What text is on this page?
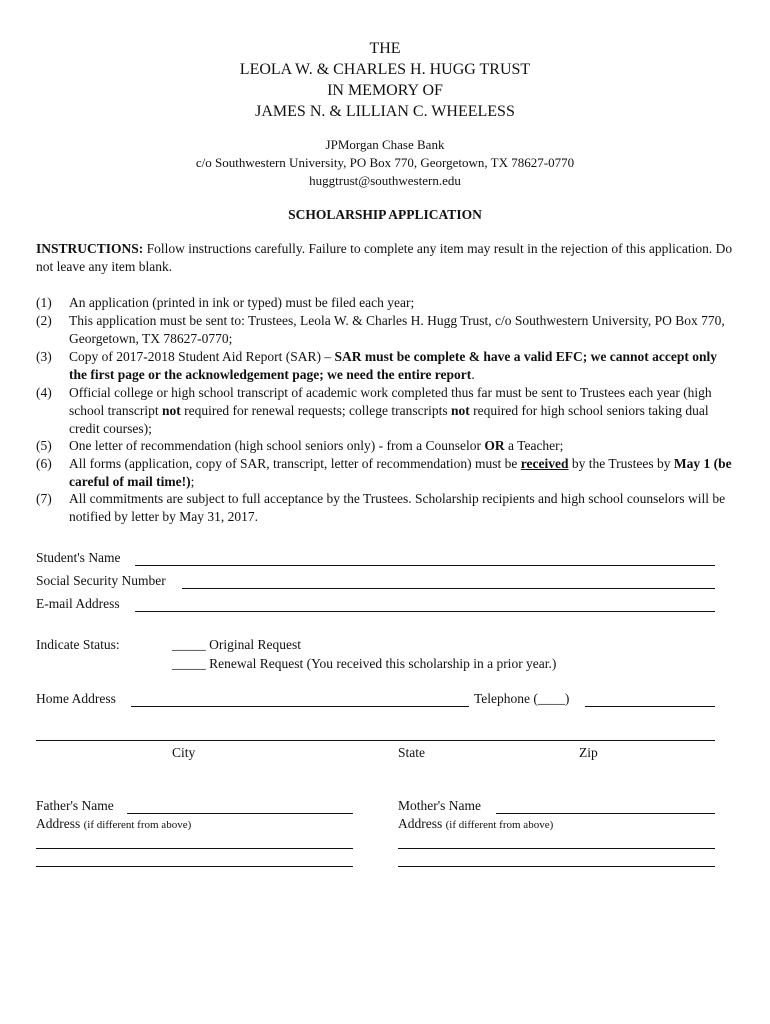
THE
LEOLA W. & CHARLES H. HUGG TRUST
IN MEMORY OF
JAMES N. & LILLIAN C. WHEELESS
JPMorgan Chase Bank
c/o Southwestern University, PO Box 770, Georgetown, TX 78627-0770
huggtrust@southwestern.edu
SCHOLARSHIP APPLICATION
INSTRUCTIONS: Follow instructions carefully. Failure to complete any item may result in the rejection of this application. Do not leave any item blank.
(1)	An application (printed in ink or typed) must be filed each year;
(2)	This application must be sent to: Trustees, Leola W. & Charles H. Hugg Trust, c/o Southwestern University, PO Box 770, Georgetown, TX 78627-0770;
(3)	Copy of 2017-2018 Student Aid Report (SAR) – SAR must be complete & have a valid EFC; we cannot accept only the first page or the acknowledgement page; we need the entire report.
(4)	Official college or high school transcript of academic work completed thus far must be sent to Trustees each year (high school transcript not required for renewal requests; college transcripts not required for high school seniors taking dual credit courses);
(5)	One letter of recommendation (high school seniors only) - from a Counselor OR a Teacher;
(6)	All forms (application, copy of SAR, transcript, letter of recommendation) must be received by the Trustees by May 1 (be careful of mail time!);
(7)	All commitments are subject to full acceptance by the Trustees. Scholarship recipients and high school counselors will be notified by letter by May 31, 2017.
Student's Name
Social Security Number
E-mail Address
Indicate Status:	_____ Original Request
_____ Renewal Request (You received this scholarship in a prior year.)
Home Address	Telephone (____)
City	State	Zip
Father's Name
Address (if different from above)
Mother's Name
Address (if different from above)
